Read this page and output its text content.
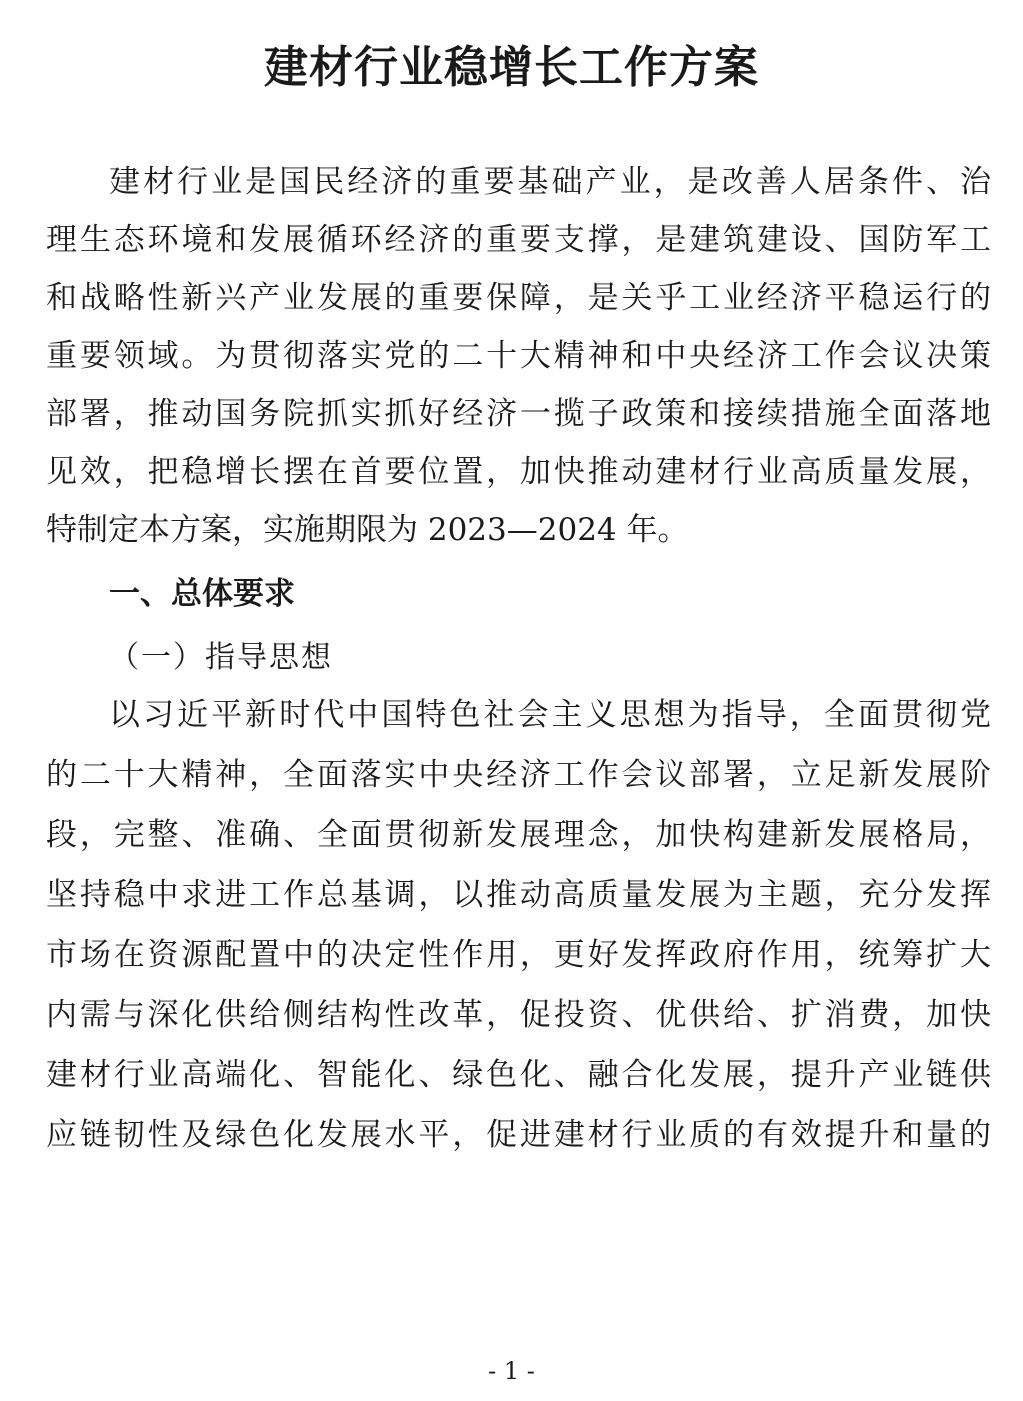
建材行业稳增长工作方案
建材行业是国民经济的重要基础产业，是改善人居条件、治
理生态环境和发展循环经济的重要支撑，是建筑建设、国防军工
和战略性新兴产业发展的重要保障，是关乎工业经济平稳运行的
重要领域。为贯彻落实党的二十大精神和中央经济工作会议决策
部署，推动国务院抓实抓好经济一揽子政策和接续措施全面落地
见效，把稳增长摆在首要位置，加快推动建材行业高质量发展，
特制定本方案，实施期限为 2023—2024 年。
一、总体要求
（一）指导思想
以习近平新时代中国特色社会主义思想为指导，全面贯彻党
的二十大精神，全面落实中央经济工作会议部署，立足新发展阶
段，完整、准确、全面贯彻新发展理念，加快构建新发展格局，
坚持稳中求进工作总基调，以推动高质量发展为主题，充分发挥
市场在资源配置中的决定性作用，更好发挥政府作用，统筹扩大
内需与深化供给侧结构性改革，促投资、优供给、扩消费，加快
建材行业高端化、智能化、绿色化、融合化发展，提升产业链供
应链韧性及绿色化发展水平，促进建材行业质的有效提升和量的
- 1 -
